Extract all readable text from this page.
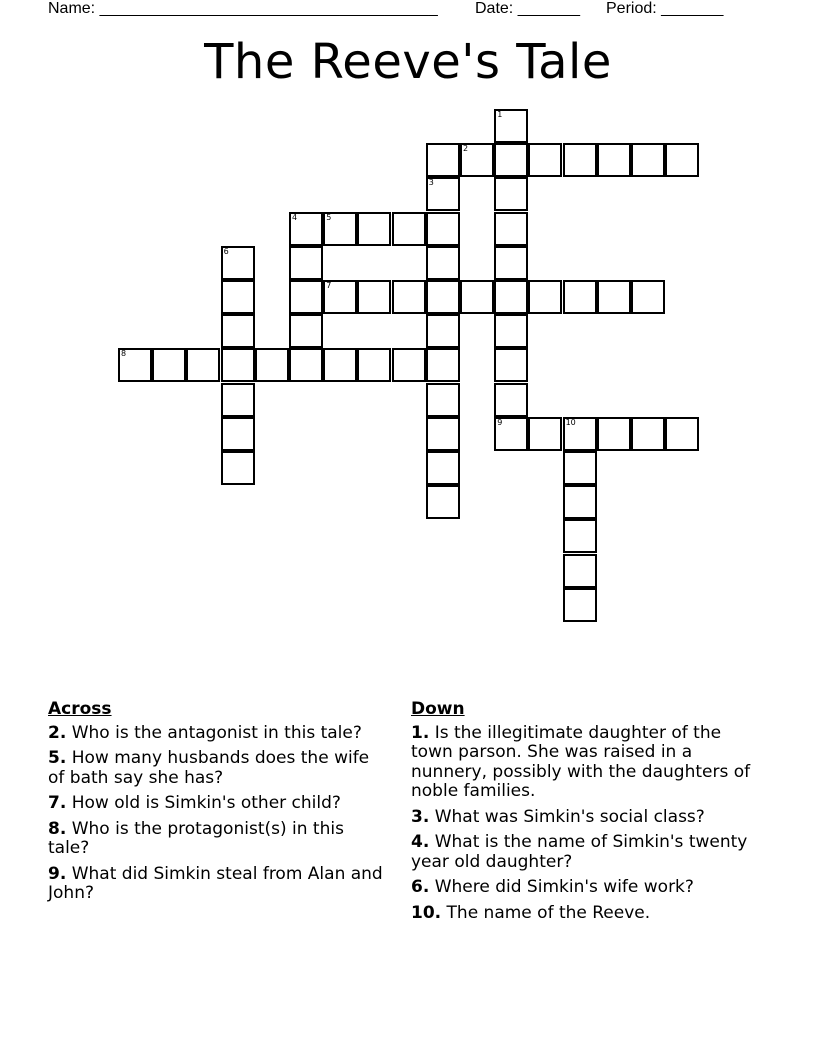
Name: ______________________________________

Date: _______

Period: _______

The Reeve's Tale
3
1
9
2
4	5
6
7
8
10
Across
2. Who is the antagonist in this tale?
5. How many husbands does the wife of bath say she has?
7. How old is Simkin's other child?
8. Who is the protagonist(s) in this tale?
9. What did Simkin steal from Alan and John?
Down
1. Is the illegitimate daughter of the town parson. She was raised in a nunnery, possibly with the daughters of noble families.
3. What was Simkin's social class?
4. What is the name of Simkin's twenty year old daughter?
6. Where did Simkin's wife work?
10. The name of the Reeve.
